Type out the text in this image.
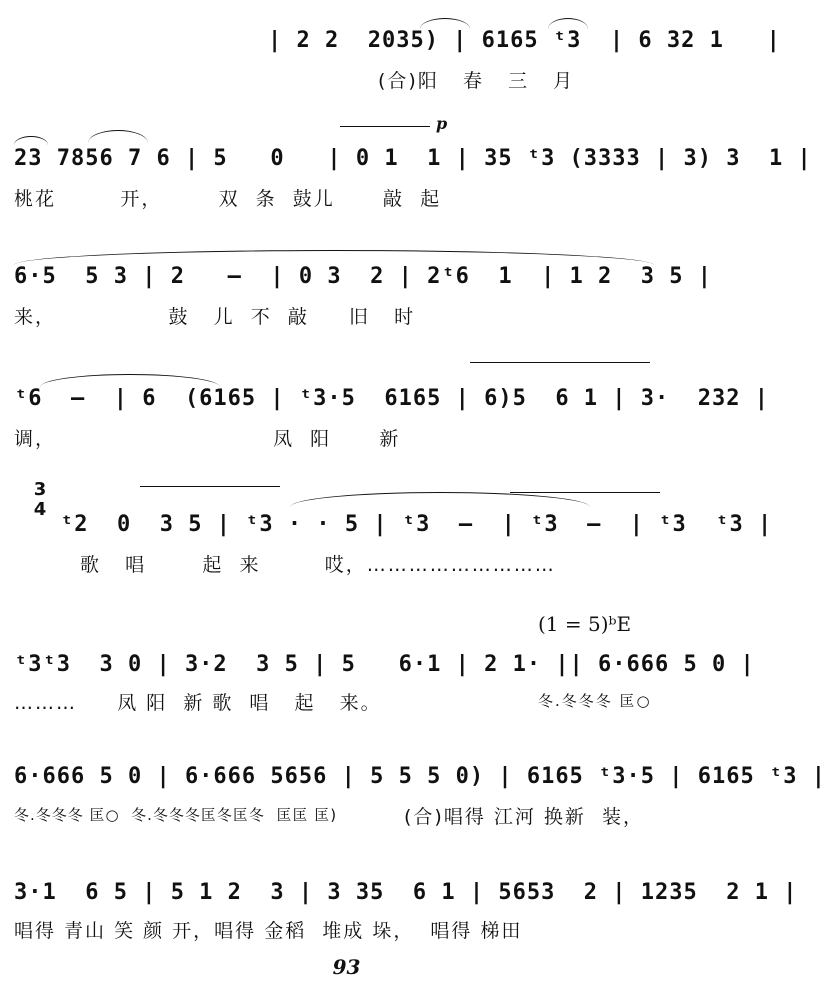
| 2 2  2035) | 6165 ᵗ3  | 6 32 1   |
(合)阳   春   三   月
p
23 7856 7 6 | 5   0   | 0 1  1 | 35 ᵗ3 (3333 | 3) 3  1 |
桃花        开，       双  条  鼓儿      敲  起
6·5  5 3 | 2   —  | 0 3  2 | 2ᵗ6  1  | 1 2  3 5 |
来，              鼓   儿  不  敲     旧   时
ᵗ6  —  | 6  (6165 | ᵗ3·5  6165 | 6)5  6 1 | 3·  232 |
调，                           凤  阳      新
3
4
ᵗ2  0  3 5 | ᵗ3 · · 5 | ᵗ3  —  | ᵗ3  —  | ᵗ3  ᵗ3 |
歌   唱       起  来        哎，………………………
(1 = 5)ᵇE
ᵗ3ᵗ3  3 0 | 3·2  3 5 | 5   6·1 | 2 1· || 6·666 5 0 |
………     凤 阳  新 歌  唱   起   来。	冬.冬冬冬 匡○
6·666 5 0 | 6·666 5656 | 5 5 5 0) | 6165 ᵗ3·5 | 6165 ᵗ3 |
冬.冬冬冬 匡○  冬.冬冬冬匡冬匡冬  匡匡 匡)	(合)唱得 江河 换新  装，
3·1  6 5 | 5 1 2  3 | 3 35  6 1 | 5653  2 | 1235  2 1 |
唱得 青山 笑 颜 开，唱得 金稻  堆成 垛，  唱得 梯田
93
